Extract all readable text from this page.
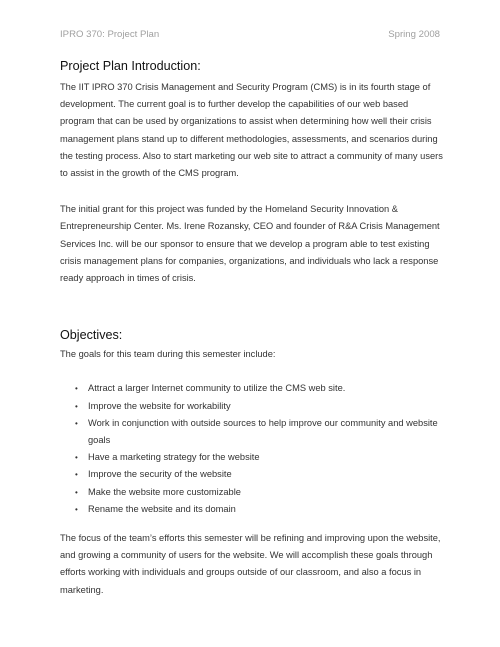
IPRO 370: Project Plan	Spring 2008
Project Plan Introduction:

The IIT IPRO 370 Crisis Management and Security Program (CMS) is in its fourth stage of development. The current goal is to further develop the capabilities of our web based program that can be used by organizations to assist when determining how well their crisis management plans stand up to different methodologies, assessments, and scenarios during the testing process. Also to start marketing our web site to attract a community of many users to assist in the growth of the CMS program.

The initial grant for this project was funded by the Homeland Security Innovation & Entrepreneurship Center. Ms. Irene Rozansky, CEO and founder of R&A Crisis Management Services Inc. will be our sponsor to ensure that we develop a program able to test existing crisis management plans for companies, organizations, and individuals who lack a response ready approach in times of crisis.

Objectives:

The goals for this team during this semester include:

• Attract a larger Internet community to utilize the CMS web site.
• Improve the website for workability
• Work in conjunction with outside sources to help improve our community and website goals
• Have a marketing strategy for the website
• Improve the security of the website
• Make the website more customizable
• Rename the website and its domain

The focus of the team’s efforts this semester will be refining and improving upon the website, and growing a community of users for the website. We will accomplish these goals through efforts working with individuals and groups outside of our classroom, and also a focus in marketing.
